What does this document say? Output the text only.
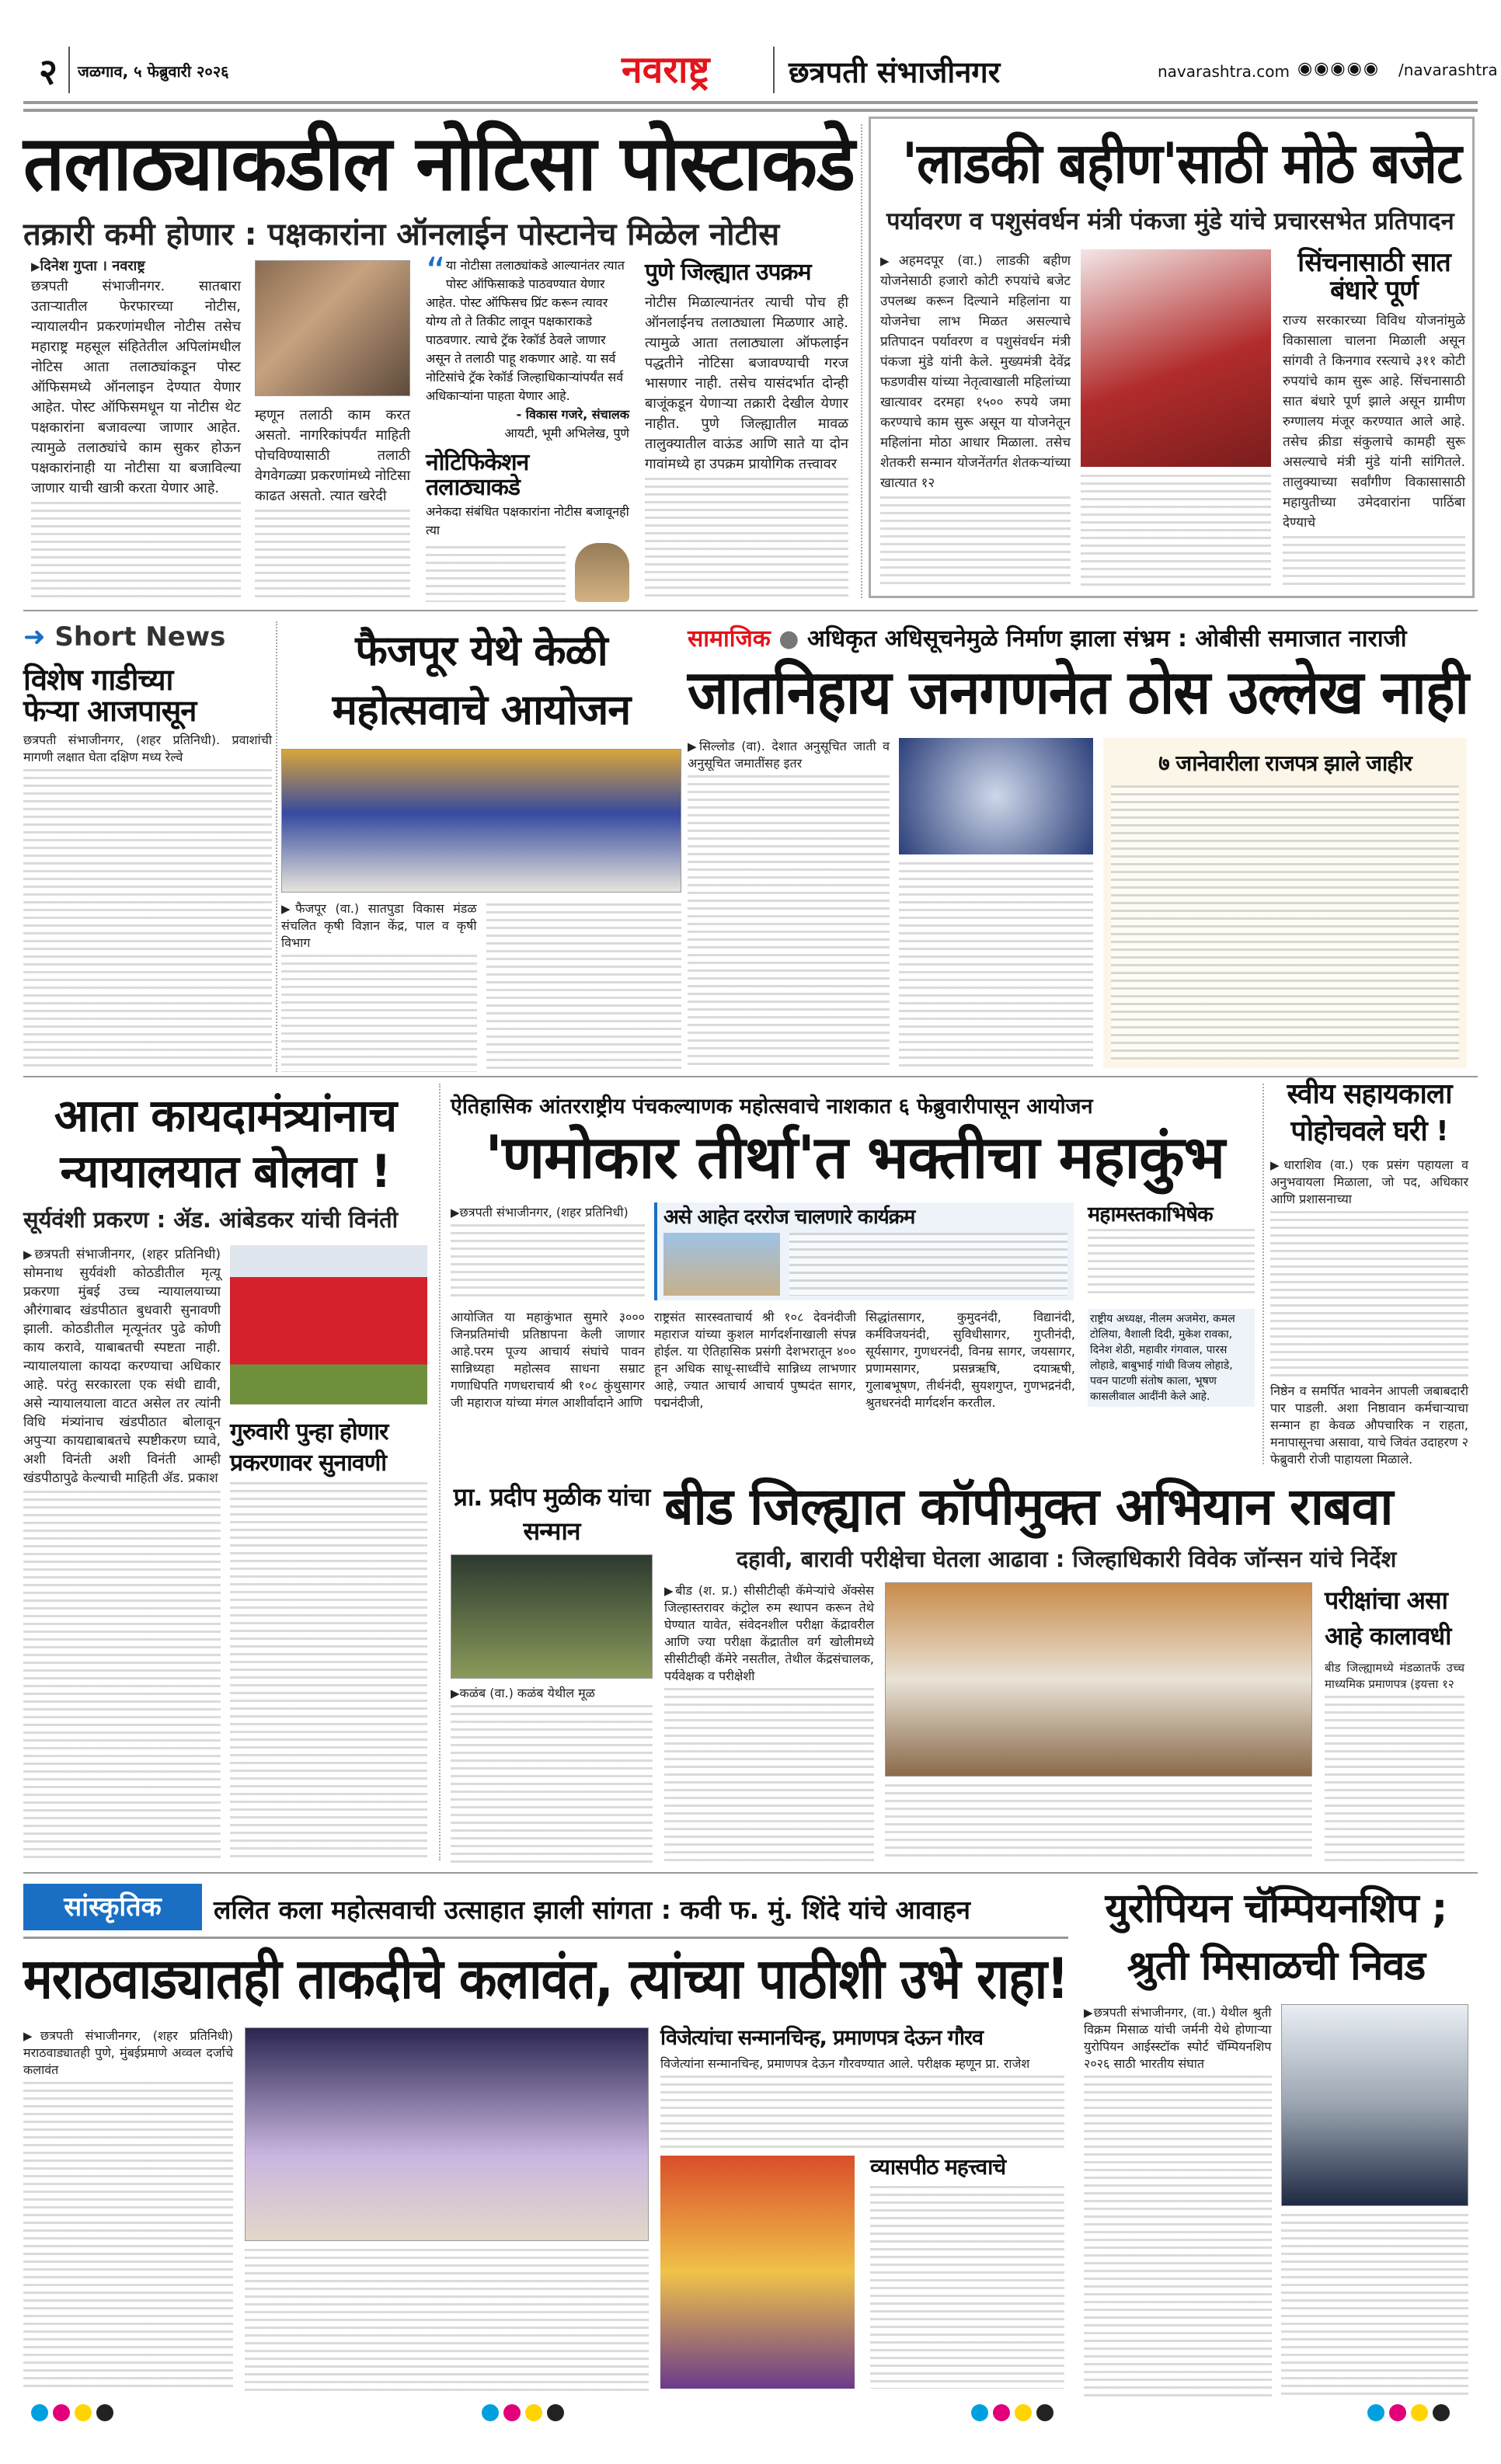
२ जळगाव, ५ फेब्रुवारी २०२६	नवराष्ट्र	छत्रपती संभाजीनगर	navarashtra.com ◉◉◉◉◉ /navarashtra
तलाठ्याकडील नोटिसा पोस्टाकडे
तक्रारी कमी होणार : पक्षकारांना ऑनलाईन पोस्टानेच मिळेल नोटीस
▶ दिनेश गुप्ता । नवराष्ट्र
छत्रपती संभाजीनगर. सातबारा उताऱ्यातील फेरफारच्या नोटीस, न्यायालयीन प्रकरणांमधील नोटीस तसेच महाराष्ट्र महसूल संहितेतील अपिलांमधील नोटिस आता तलाठ्यांकडून पोस्ट ऑफिसमध्ये ऑनलाइन देण्यात येणार आहेत. पोस्ट ऑफिसमधून या नोटीस थेट पक्षकारांना बजावल्या जाणार आहेत. त्यामुळे तलाठ्यांचे काम सुकर होऊन पक्षकारांनाही या नोटीसा या बजाविल्या जाणार याची खात्री करता येणार आहे.
म्हणून तलाठी काम करत असतो. नागरिकांपर्यंत माहिती पोचविण्यासाठी तलाठी वेगवेगळ्या प्रकरणांमध्ये नोटिसा काढत असतो. त्यात खरेदी
“ या नोटीसा तलाठ्यांकडे आल्यानंतर त्यात पोस्ट ऑफिसाकडे पाठवण्यात येणार आहेत. पोस्ट ऑफिसच प्रिंट करून त्यावर योग्य तो ते तिकीट लावून पक्षकाराकडे पाठवणार. त्याचे ट्रॅक रेकॉर्ड ठेवले जाणार असून ते तलाठी पाहू शकणार आहे. या सर्व नोटिसांचे ट्रॅक रेकॉर्ड जिल्हाधिकाऱ्यांपर्यंत सर्व अधिकाऱ्यांना पाहता येणार आहे.
- विकास गजरे, संचालक
आयटी, भूमी अभिलेख, पुणे
नोटिफिकेशन तलाठ्याकडे
अनेकदा संबंधित पक्षकारांना नोटीस बजावूनही त्या
पुणे जिल्ह्यात उपक्रम
नोटीस मिळाल्यानंतर त्याची पोच ही ऑनलाईनच तलाठ्याला मिळणार आहे. त्यामुळे आता तलाठ्याला ऑफलाईन पद्धतीने नोटिसा बजावण्याची गरज भासणार नाही. तसेच यासंदर्भात दोन्ही बाजूंकडून येणाऱ्या तक्रारी देखील येणार नाहीत. पुणे जिल्ह्यातील मावळ तालुक्यातील वाऊंड आणि साते या दोन गावांमध्ये हा उपक्रम प्रायोगिक तत्त्वावर
'लाडकी बहीण'साठी मोठे बजेट
पर्यावरण व पशुसंवर्धन मंत्री पंकजा मुंडे यांचे प्रचारसभेत प्रतिपादन
▶ अहमदपूर (वा.) लाडकी बहीण योजनेसाठी हजारो कोटी रुपयांचे बजेट उपलब्ध करून दिल्याने महिलांना या योजनेचा लाभ मिळत असल्याचे प्रतिपादन पर्यावरण व पशुसंवर्धन मंत्री पंकजा मुंडे यांनी केले. मुख्यमंत्री देवेंद्र फडणवीस यांच्या नेतृत्वाखाली महिलांच्या खात्यावर दरमहा १५०० रुपये जमा करण्याचे काम सुरू असून या योजनेतून महिलांना मोठा आधार मिळाला. तसेच शेतकरी सन्मान योजनेंतर्गत शेतकऱ्यांच्या खात्यात १२
सिंचनासाठी सात बंधारे पूर्ण
राज्य सरकारच्या विविध योजनांमुळे विकासाला चालना मिळाली असून सांगवी ते किनगाव रस्त्याचे ३११ कोटी रुपयांचे काम सुरू आहे. सिंचनासाठी सात बंधारे पूर्ण झाले असून ग्रामीण रुग्णालय मंजूर करण्यात आले आहे. तसेच क्रीडा संकुलाचे कामही सुरू असल्याचे मंत्री मुंडे यांनी सांगितले. तालुक्याच्या सर्वांगीण विकासासाठी महायुतीच्या उमेदवारांना पाठिंबा देण्याचे
➜ Short News
विशेष गाडीच्या फेऱ्या आजपासून
छत्रपती संभाजीनगर, (शहर प्रतिनिधी). प्रवाशांची मागणी लक्षात घेता दक्षिण मध्य रेल्वे
फैजपूर येथे केळी महोत्सवाचे आयोजन
▶ फैजपूर (वा.) सातपुडा विकास मंडळ संचलित कृषी विज्ञान केंद्र, पाल व कृषी विभाग
सामाजिक ● अधिकृत अधिसूचनेमुळे निर्माण झाला संभ्रम : ओबीसी समाजात नाराजी
जातनिहाय जनगणनेत ठोस उल्लेख नाही
▶ सिल्लोड (वा). देशात अनुसूचित जाती व अनुसूचित जमातींसह इतर	७ जानेवारीला राजपत्र झाले जाहीर
आता कायदामंत्र्यांनाच न्यायालयात बोलवा !
सूर्यवंशी प्रकरण : ॲड. आंबेडकर यांची विनंती
▶ छत्रपती संभाजीनगर, (शहर प्रतिनिधी) सोमनाथ सुर्यवंशी कोठडीतील मृत्यू प्रकरणा मुंबई उच्च न्यायालयाच्या औरंगाबाद खंडपीठात बुधवारी सुनावणी झाली. कोठडीतील मृत्यूनंतर पुढे कोणी काय करावे, याबाबतची स्पष्टता नाही. न्यायालयाला कायदा करण्याचा अधिकार आहे. परंतु सरकारला एक संधी द्यावी, असे न्यायालयाला वाटत असेल तर त्यांनी विधि मंत्र्यांनाच खंडपीठात बोलावून अपुऱ्या कायद्याबाबतचे स्पष्टीकरण घ्यावे, अशी विनंती अशी विनंती आम्ही खंडपीठापुढे केल्याची माहिती ॲड. प्रकाश
गुरुवारी पुन्हा होणार प्रकरणावर सुनावणी
ऐतिहासिक आंतरराष्ट्रीय पंचकल्याणक महोत्सवाचे नाशकात ६ फेब्रुवारीपासून आयोजन
'णमोकार तीर्था'त भक्तीचा महाकुंभ
▶ छत्रपती संभाजीनगर, (शहर प्रतिनिधी)	असे आहेत दररोज चालणारे कार्यक्रम	महामस्तकाभिषेक
आयोजित या महाकुंभात सुमारे ३००० जिनप्रतिमांची प्रतिष्ठापना केली जाणार आहे.परम पूज्य आचार्य संघांचे पावन सान्निध्यहा महोत्सव साधना सम्राट गणाधिपति गणधराचार्य श्री १०८ कुंथुसागर जी महाराज यांच्या मंगल आशीर्वादाने आणि
राष्ट्रसंत सारस्वताचार्य श्री १०८ देवनंदीजी महाराज यांच्या कुशल मार्गदर्शनाखाली संपन्न होईल. या ऐतिहासिक प्रसंगी देशभरातून ४०० हून अधिक साधू-साध्वींचे सान्निध्य लाभणार आहे, ज्यात आचार्य आचार्य पुष्पदंत सागर, पद्मनंदीजी,
सिद्धांतसागर, कुमुदनंदी, विद्यानंदी, कर्मविजयनंदी, सुविधीसागर, गुप्तीनंदी, सूर्यसागर, गुणधरनंदी, विनम्र सागर, जयसागर, प्रणामसागर, प्रसन्नऋषि, दयाऋषी, गुलाबभूषण, तीर्थनंदी, सुयशगुप्त, गुणभद्रनंदी, श्रुतधरनंदी मार्गदर्शन करतील.
राष्ट्रीय अध्यक्ष, नीलम अजमेरा, कमल टोलिया, वैशाली दिदी, मुकेश रावका, दिनेश शेठी, महावीर गंगवाल, पारस लोहाडे, बाबुभाई गांधी विजय लोहाडे, पवन पाटणी संतोष काला, भूषण कासलीवाल आदींनी केले आहे.
स्वीय सहायकाला पोहोचवले घरी !
▶ धाराशिव (वा.) एक प्रसंग पहायला व अनुभवायला मिळाला, जो पद, अधिकार आणि प्रशासनाच्या
निष्ठेन व समर्पित भावनेन आपली जबाबदारी पार पाडली. अशा निष्ठावान कर्मचाऱ्याचा सन्मान हा केवळ औपचारिक न राहता, मनापासूनचा असावा, याचे जिवंत उदाहरण २ फेब्रुवारी रोजी पाहायला मिळाले.
प्रा. प्रदीप मुळीक यांचा सन्मान
▶ कळंब (वा.) कळंब येथील मूळ
बीड जिल्ह्यात कॉपीमुक्त अभियान राबवा
दहावी, बारावी परीक्षेचा घेतला आढावा : जिल्हाधिकारी विवेक जॉन्सन यांचे निर्देश
▶ बीड (श. प्र.) सीसीटीव्ही कॅमेऱ्यांचे ॲक्सेस जिल्हास्तरावर कंट्रोल रुम स्थापन करून तेथे घेण्यात यावेत, संवेदनशील परीक्षा केंद्रावरील आणि ज्या परीक्षा केंद्रातील वर्ग खोलीमध्ये सीसीटीव्ही कॅमेरे नसतील, तेथील केंद्रसंचालक, पर्यवेक्षक व परीक्षेशी
परीक्षांचा असा आहे कालावधी
बीड जिल्ह्यामध्ये मंडळातर्फे उच्च माध्यमिक प्रमाणपत्र (इयत्ता १२
सांस्कृतिक	ललित कला महोत्सवाची उत्साहात झाली सांगता : कवी फ. मुं. शिंदे यांचे आवाहन
मराठवाड्यातही ताकदीचे कलावंत, त्यांच्या पाठीशी उभे राहा!
▶ छत्रपती संभाजीनगर, (शहर प्रतिनिधी) मराठवाड्यातही पुणे, मुंबईप्रमाणे अव्वल दर्जाचे कलावंत
विजेत्यांचा सन्मानचिन्ह, प्रमाणपत्र देऊन गौरव
विजेत्यांना सन्मानचिन्ह, प्रमाणपत्र देऊन गौरवण्यात आले. परीक्षक म्हणून प्रा. राजेश
व्यासपीठ महत्त्वाचे
युरोपियन चॅम्पियनशिप ; श्रुती मिसाळची निवड
▶ छत्रपती संभाजीनगर, (वा.) येथील श्रुती विक्रम मिसाळ यांची जर्मनी येथे होणाऱ्या युरोपियन आईस्स्टॉक स्पोर्ट चॅम्पियनशिप २०२६ साठी भारतीय संघात
